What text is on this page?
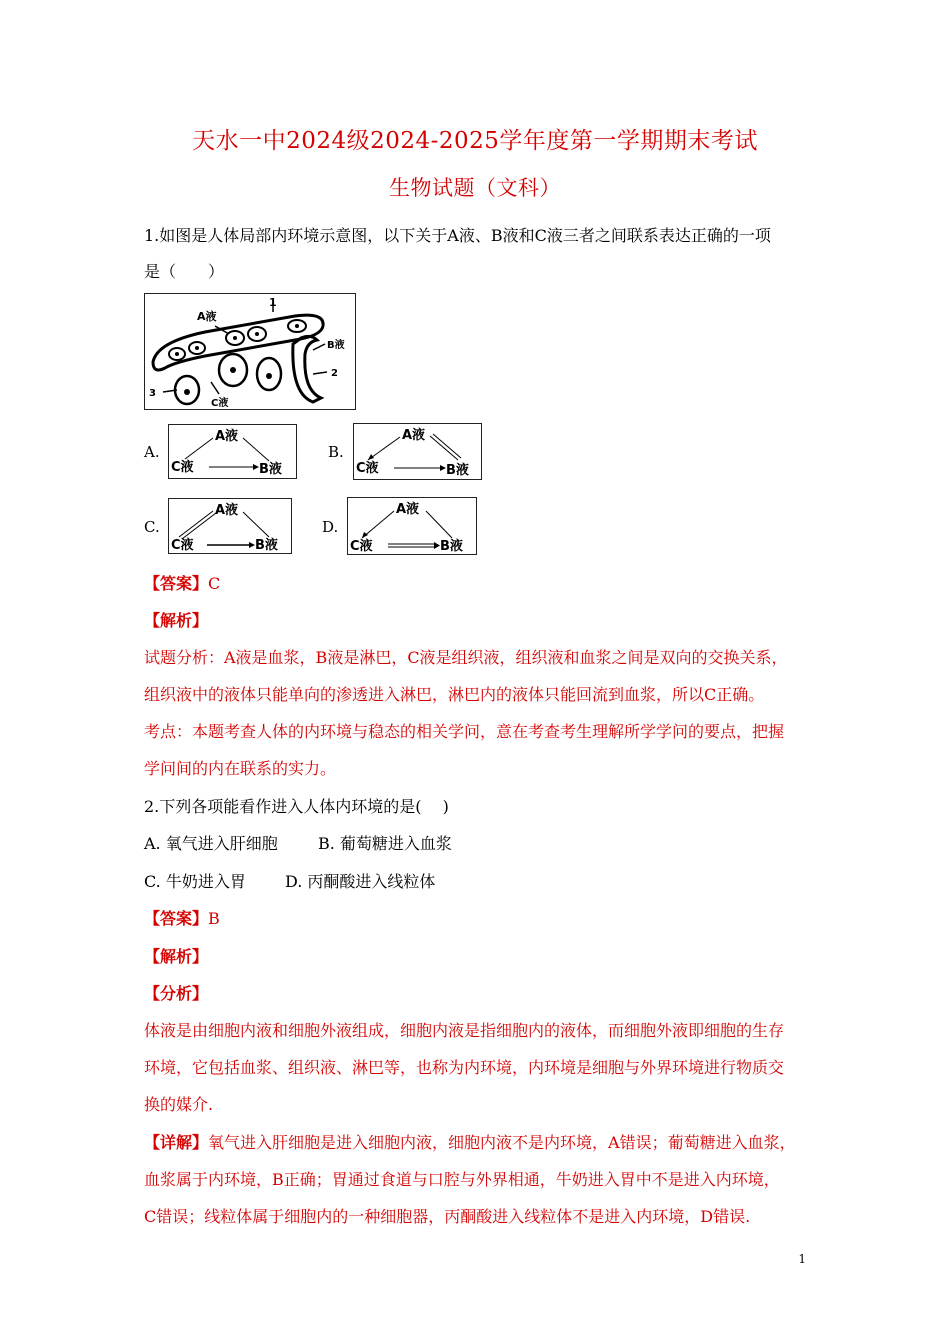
天水一中2024级2024-2025学年度第一学期期末考试
生物试题（文科）
1.如图是人体局部内环境示意图，以下关于A液、B液和C液三者之间联系表达正确的一项
是（　　）
A液
1
B液
2
3
C液
A.
A液
C液	B液
B.
A液
C液	B液
C.
A液
C液	B液
D.
A液
C液	B液
【答案】C
【解析】
试题分析：A液是血浆，B液是淋巴，C液是组织液，组织液和血浆之间是双向的交换关系，
组织液中的液体只能单向的渗透进入淋巴，淋巴内的液体只能回流到血浆，所以C正确。
考点：本题考查人体的内环境与稳态的相关学问，意在考查考生理解所学学问的要点，把握
学问间的内在联系的实力。
2.下列各项能看作进入人体内环境的是(　 )
A. 氧气进入肝细胞	B. 葡萄糖进入血浆
C. 牛奶进入胃 D. 丙酮酸进入线粒体
【答案】B
【解析】
【分析】
体液是由细胞内液和细胞外液组成，细胞内液是指细胞内的液体，而细胞外液即细胞的生存
环境，它包括血浆、组织液、淋巴等，也称为内环境，内环境是细胞与外界环境进行物质交
换的媒介.
【详解】氧气进入肝细胞是进入细胞内液，细胞内液不是内环境，A错误；葡萄糖进入血浆，
血浆属于内环境，B正确；胃通过食道与口腔与外界相通，牛奶进入胃中不是进入内环境，
C错误；线粒体属于细胞内的一种细胞器，丙酮酸进入线粒体不是进入内环境，D错误.
1
